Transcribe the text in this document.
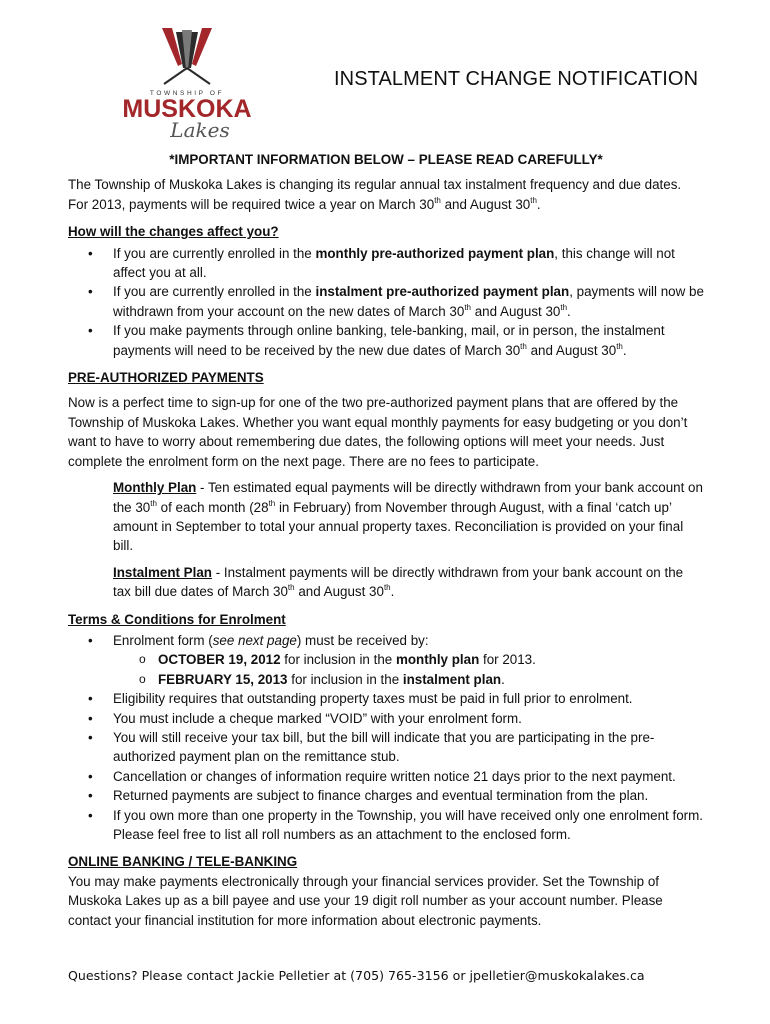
TOWNSHIP OF
MUSKOKA
Lakes
INSTALMENT CHANGE NOTIFICATION

*IMPORTANT INFORMATION BELOW – PLEASE READ CAREFULLY*

The Township of Muskoka Lakes is changing its regular annual tax instalment frequency and due dates. For 2013, payments will be required twice a year on March 30th and August 30th.

How will the changes affect you?

• If you are currently enrolled in the monthly pre-authorized payment plan, this change will not affect you at all.
• If you are currently enrolled in the instalment pre-authorized payment plan, payments will now be withdrawn from your account on the new dates of March 30th and August 30th.
• If you make payments through online banking, tele-banking, mail, or in person, the instalment payments will need to be received by the new due dates of March 30th and August 30th.

PRE-AUTHORIZED PAYMENTS

Now is a perfect time to sign-up for one of the two pre-authorized payment plans that are offered by the Township of Muskoka Lakes. Whether you want equal monthly payments for easy budgeting or you don’t want to have to worry about remembering due dates, the following options will meet your needs. Just complete the enrolment form on the next page. There are no fees to participate.

Monthly Plan - Ten estimated equal payments will be directly withdrawn from your bank account on the 30th of each month (28th in February) from November through August, with a final ‘catch up’ amount in September to total your annual property taxes. Reconciliation is provided on your final bill.

Instalment Plan - Instalment payments will be directly withdrawn from your bank account on the tax bill due dates of March 30th and August 30th.

Terms & Conditions for Enrolment

• Enrolment form (see next page) must be received by:
o OCTOBER 19, 2012 for inclusion in the monthly plan for 2013.
o FEBRUARY 15, 2013 for inclusion in the instalment plan.
• Eligibility requires that outstanding property taxes must be paid in full prior to enrolment.
• You must include a cheque marked “VOID” with your enrolment form.
• You will still receive your tax bill, but the bill will indicate that you are participating in the pre-authorized payment plan on the remittance stub.
• Cancellation or changes of information require written notice 21 days prior to the next payment.
• Returned payments are subject to finance charges and eventual termination from the plan.
• If you own more than one property in the Township, you will have received only one enrolment form. Please feel free to list all roll numbers as an attachment to the enclosed form.

ONLINE BANKING / TELE-BANKING

You may make payments electronically through your financial services provider. Set the Township of Muskoka Lakes up as a bill payee and use your 19 digit roll number as your account number. Please contact your financial institution for more information about electronic payments.

Questions? Please contact Jackie Pelletier at (705) 765-3156 or jpelletier@muskokalakes.ca
